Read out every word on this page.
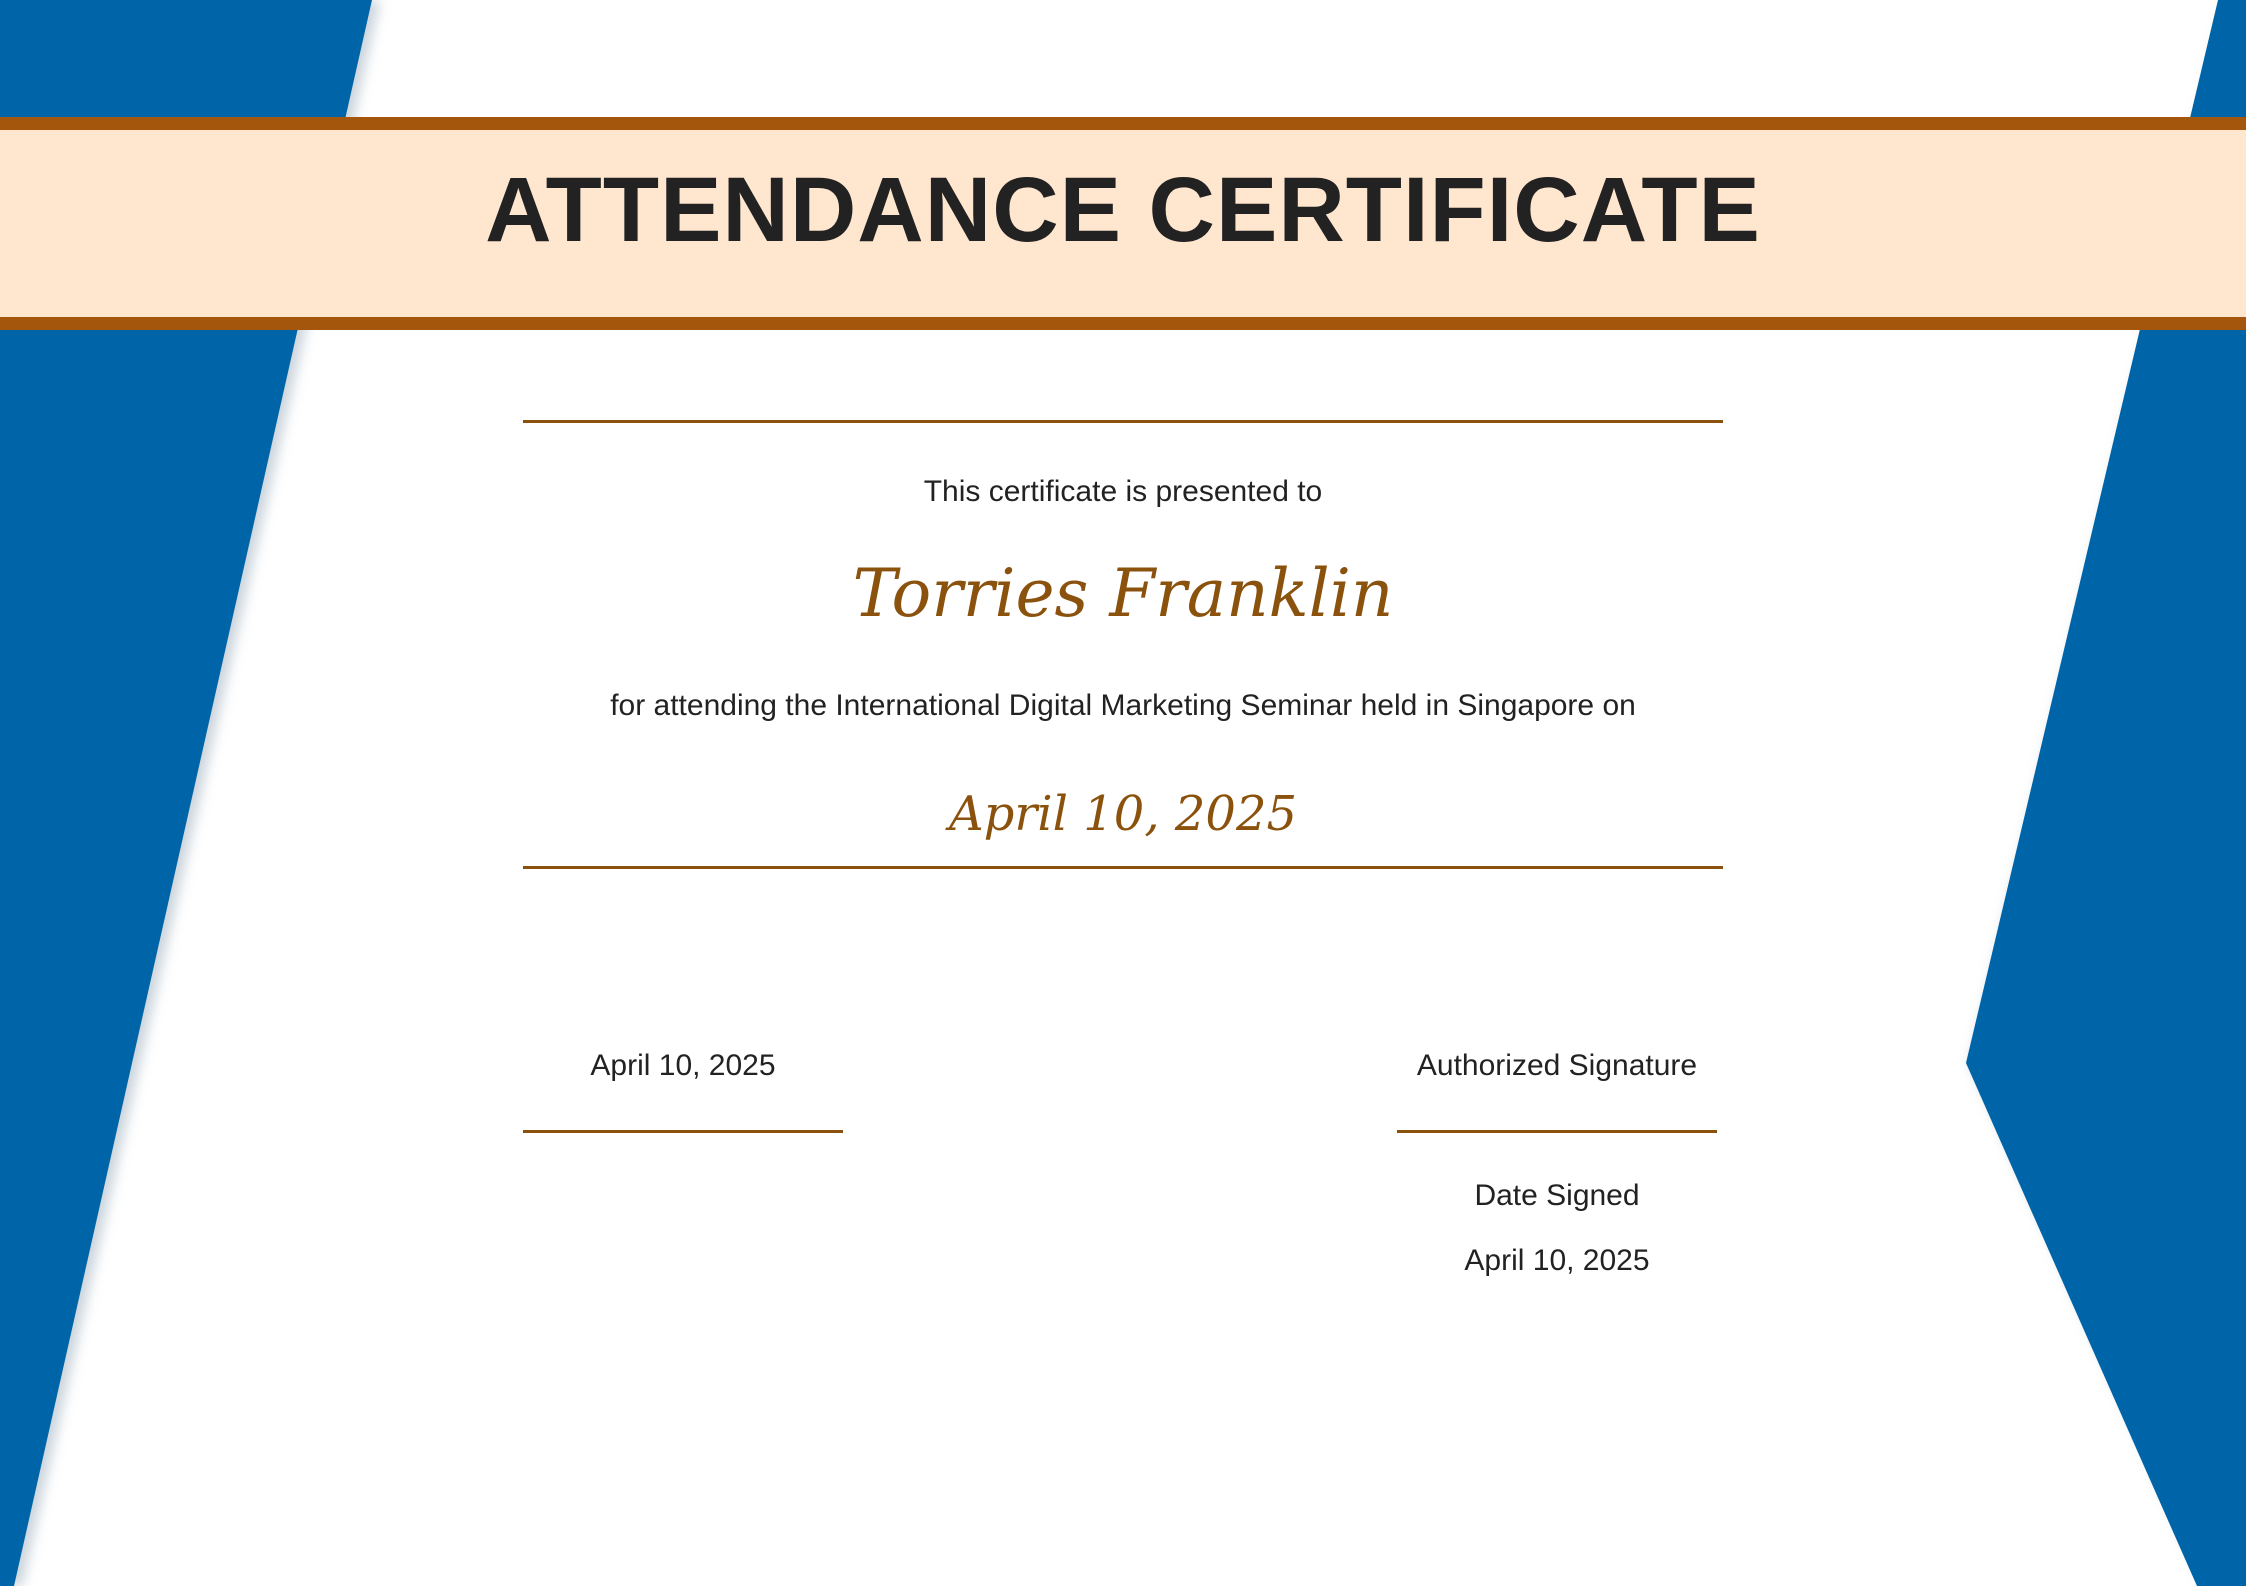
ATTENDANCE CERTIFICATE
This certificate is presented to
Torries Franklin
for attending the International Digital Marketing Seminar held in Singapore on
April 10, 2025
April 10, 2025	Authorized Signature
Date Signed
April 10, 2025
